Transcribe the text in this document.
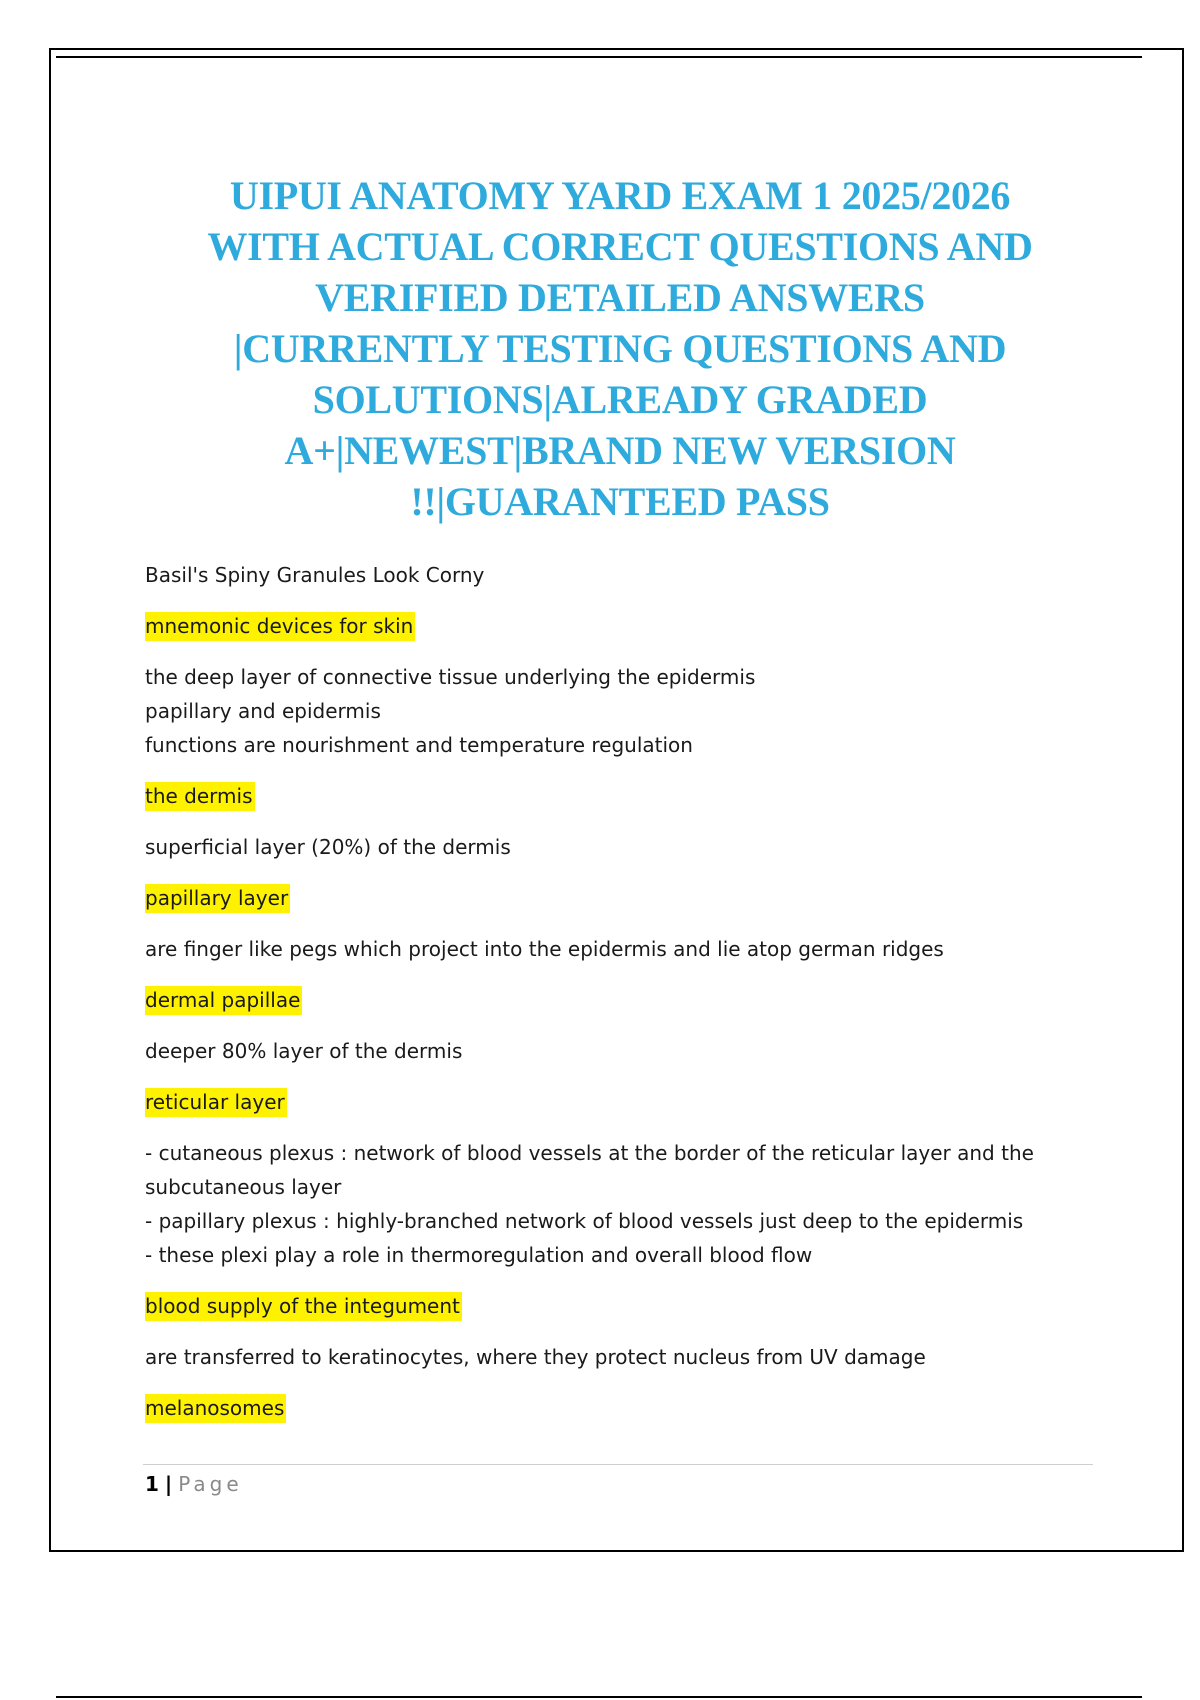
UIPUI ANATOMY YARD EXAM 1 2025/2026
WITH ACTUAL CORRECT QUESTIONS AND
VERIFIED DETAILED ANSWERS
|CURRENTLY TESTING QUESTIONS AND
SOLUTIONS|ALREADY GRADED
A+|NEWEST|BRAND NEW VERSION
!!|GUARANTEED PASS
Basil's Spiny Granules Look Corny
mnemonic devices for skin
the deep layer of connective tissue underlying the epidermis
papillary and epidermis
functions are nourishment and temperature regulation
the dermis
superficial layer (20%) of the dermis
papillary layer
are finger like pegs which project into the epidermis and lie atop german ridges
dermal papillae
deeper 80% layer of the dermis
reticular layer
- cutaneous plexus : network of blood vessels at the border of the reticular layer and the
subcutaneous layer
- papillary plexus : highly-branched network of blood vessels just deep to the epidermis
- these plexi play a role in thermoregulation and overall blood flow
blood supply of the integument
are transferred to keratinocytes, where they protect nucleus from UV damage
melanosomes
1 | Page
